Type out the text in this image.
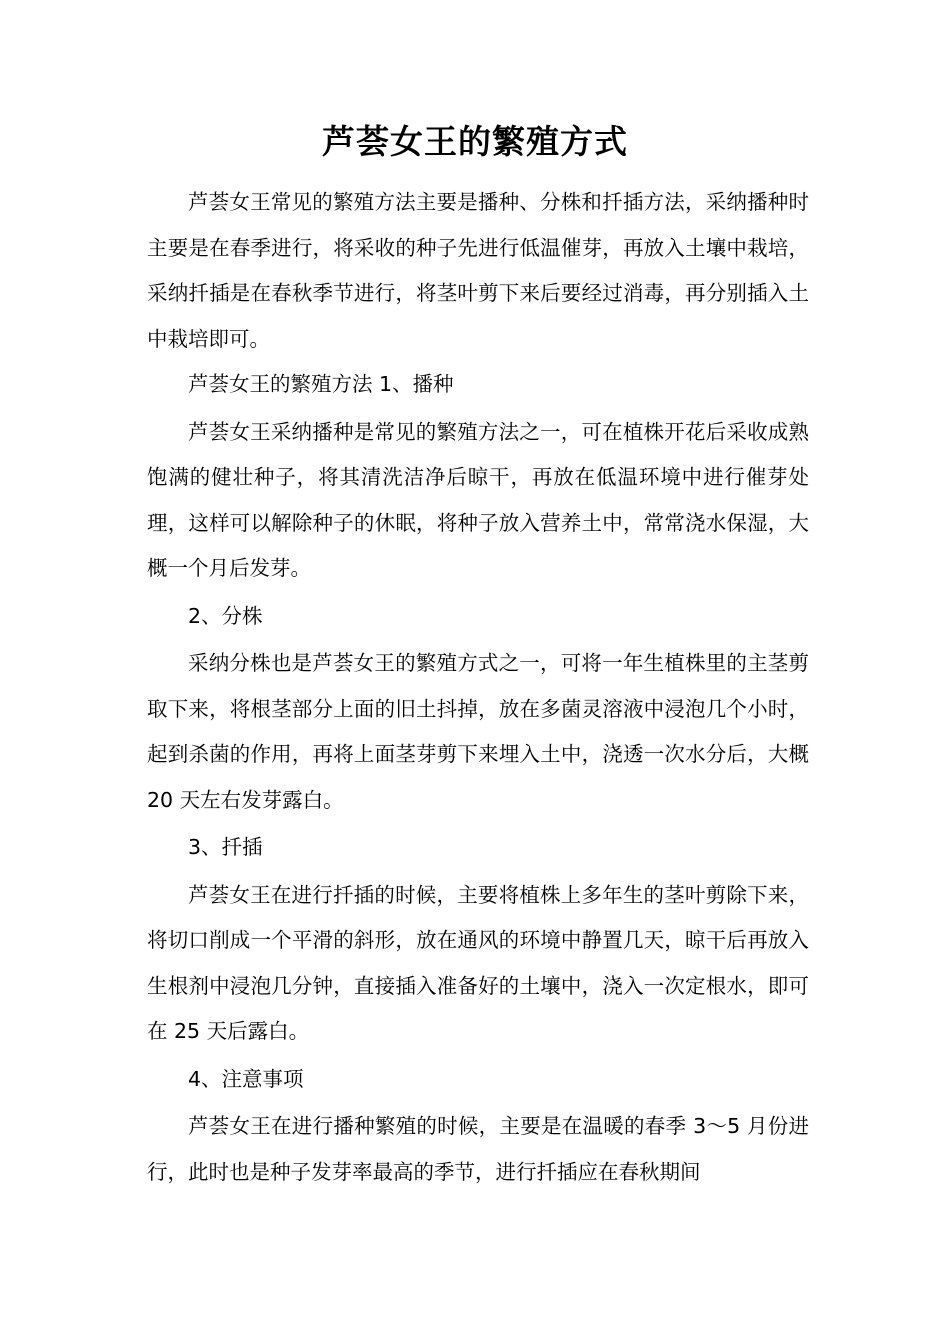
芦荟女王的繁殖方式

芦荟女王常见的繁殖方法主要是播种、分株和扦插方法，采纳播种时主要是在春季进行，将采收的种子先进行低温催芽，再放入土壤中栽培，采纳扦插是在春秋季节进行，将茎叶剪下来后要经过消毒，再分别插入土中栽培即可。

芦荟女王的繁殖方法 1、播种

芦荟女王采纳播种是常见的繁殖方法之一，可在植株开花后采收成熟饱满的健壮种子，将其清洗洁净后晾干，再放在低温环境中进行催芽处理，这样可以解除种子的休眠，将种子放入营养土中，常常浇水保湿，大概一个月后发芽。

2、分株

采纳分株也是芦荟女王的繁殖方式之一，可将一年生植株里的主茎剪取下来，将根茎部分上面的旧土抖掉，放在多菌灵溶液中浸泡几个小时，起到杀菌的作用，再将上面茎芽剪下来埋入土中，浇透一次水分后，大概 20 天左右发芽露白。

3、扦插

芦荟女王在进行扦插的时候，主要将植株上多年生的茎叶剪除下来，将切口削成一个平滑的斜形，放在通风的环境中静置几天，晾干后再放入生根剂中浸泡几分钟，直接插入准备好的土壤中，浇入一次定根水，即可在 25 天后露白。

4、注意事项

芦荟女王在进行播种繁殖的时候，主要是在温暖的春季 3～5 月份进行，此时也是种子发芽率最高的季节，进行扦插应在春秋期间
